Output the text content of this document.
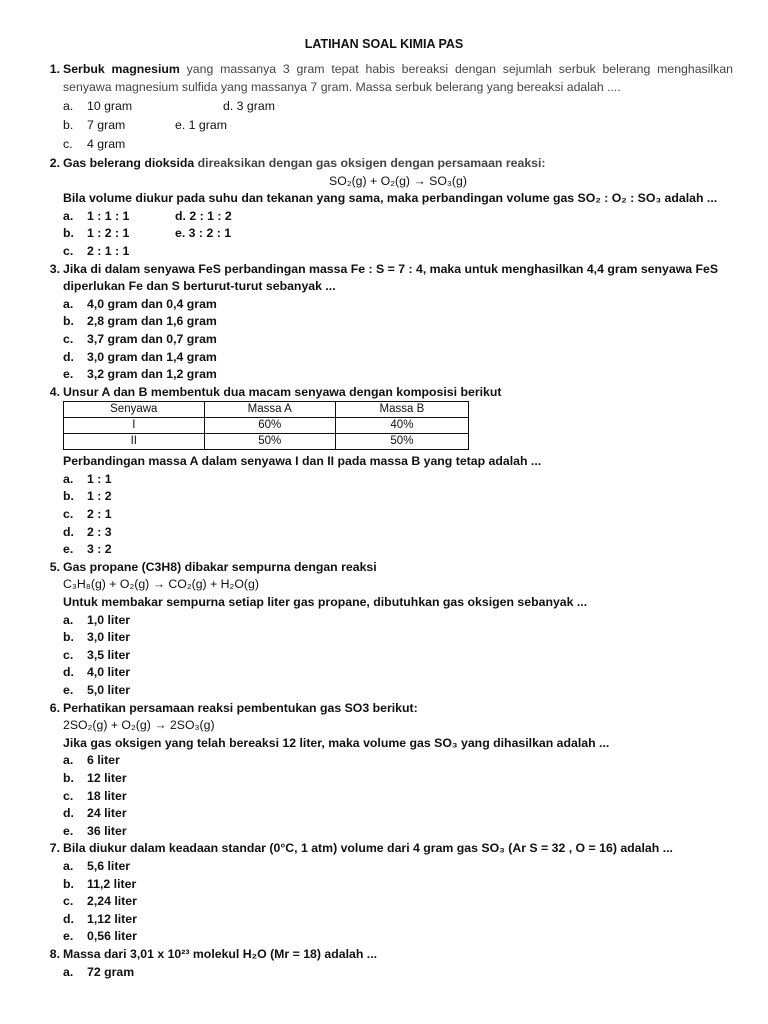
LATIHAN SOAL KIMIA PAS
1. Serbuk magnesium yang massanya 3 gram tepat habis bereaksi dengan sejumlah serbuk belerang menghasilkan senyawa magnesium sulfida yang massanya 7 gram. Massa serbuk belerang yang bereaksi adalah ....
a.	10 gram	d. 3 gram
b.	7 gram	e. 1 gram
c.	4 gram
2. Gas belerang dioksida direaksikan dengan gas oksigen dengan persamaan reaksi:
SO₂(g) + O₂(g) → SO₃(g)
Bila volume diukur pada suhu dan tekanan yang sama, maka perbandingan volume gas SO₂ : O₂ : SO₃ adalah ...
a.	1 : 1 : 1	d. 2 : 1 : 2
b.	1 : 2 : 1	e. 3 : 2 : 1
c.	2 : 1 : 1
3. Jika di dalam senyawa FeS perbandingan massa Fe : S = 7 : 4, maka untuk menghasilkan 4,4 gram senyawa FeS diperlukan Fe dan S berturut-turut sebanyak ...
a.	4,0 gram dan 0,4 gram
b.	2,8 gram dan 1,6 gram
c.	3,7 gram dan 0,7 gram
d.	3,0 gram dan 1,4 gram
e.	3,2 gram dan 1,2 gram
4. Unsur A dan B membentuk dua macam senyawa dengan komposisi berikut
Senyawa	Massa A	Massa B
I	60%	40%
II	50%	50%
Perbandingan massa A dalam senyawa I dan II pada massa B yang tetap adalah ...
a.	1 : 1
b.	1 : 2
c.	2 : 1
d.	2 : 3
e.	3 : 2
5. Gas propane (C3H8) dibakar sempurna dengan reaksi
C₃H₈(g) + O₂(g) → CO₂(g) + H₂O(g)
Untuk membakar sempurna setiap liter gas propane, dibutuhkan gas oksigen sebanyak ...
a.	1,0 liter
b.	3,0 liter
c.	3,5 liter
d.	4,0 liter
e.	5,0 liter
6. Perhatikan persamaan reaksi pembentukan gas SO3 berikut:
2SO₂(g) + O₂(g) → 2SO₃(g)
Jika gas oksigen yang telah bereaksi 12 liter, maka volume gas SO₃ yang dihasilkan adalah ...
a.	6 liter
b.	12 liter
c.	18 liter
d.	24 liter
e.	36 liter
7. Bila diukur dalam keadaan standar (0°C, 1 atm) volume dari 4 gram gas SO₃ (Ar S = 32 , O = 16) adalah ...
a.	5,6 liter
b.	11,2 liter
c.	2,24 liter
d.	1,12 liter
e.	0,56 liter
8. Massa dari 3,01 x 10²³ molekul H₂O (Mr = 18) adalah ...
a.	72 gram
